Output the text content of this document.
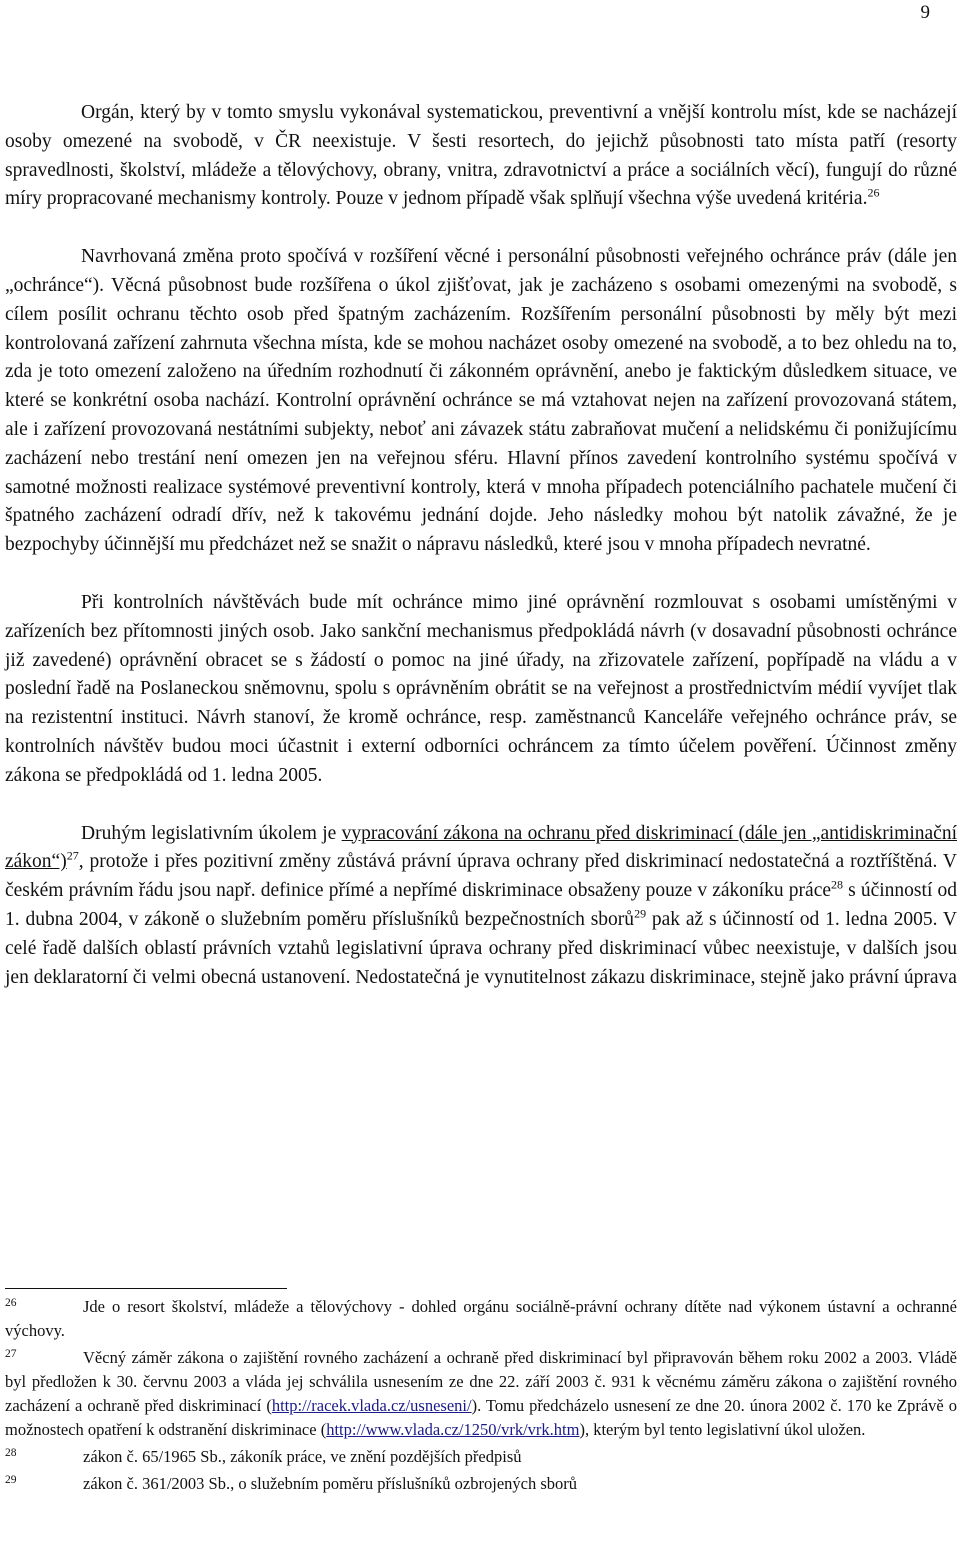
9

Orgán, který by v tomto smyslu vykonával systematickou, preventivní a vnější kontrolu míst, kde se nacházejí osoby omezené na svobodě, v ČR neexistuje. V šesti resortech, do jejichž působnosti tato místa patří (resorty spravedlnosti, školství, mládeže a tělovýchovy, obrany, vnitra, zdravotnictví a práce a sociálních věcí), fungují do různé míry propracované mechanismy kontroly. Pouze v jednom případě však splňují všechna výše uvedená kritéria.$^{26}$

Navrhovaná změna proto spočívá v rozšíření věcné i personální působnosti veřejného ochránce práv (dále jen „ochránce“). Věcná působnost bude rozšířena o úkol zjišťovat, jak je zacházeno s osobami omezenými na svobodě, s cílem posílit ochranu těchto osob před špatným zacházením. Rozšířením personální působnosti by měly být mezi kontrolovaná zařízení zahrnuta všechna místa, kde se mohou nacházet osoby omezené na svobodě, a to bez ohledu na to, zda je toto omezení založeno na úředním rozhodnutí či zákonném oprávnění, anebo je faktickým důsledkem situace, ve které se konkrétní osoba nachází. Kontrolní oprávnění ochránce se má vztahovat nejen na zařízení provozovaná státem, ale i zařízení provozovaná nestátními subjekty, neboť ani závazek státu zabraňovat mučení a nelidskému či ponižujícímu zacházení nebo trestání není omezen jen na veřejnou sféru. Hlavní přínos zavedení kontrolního systému spočívá v samotné možnosti realizace systémové preventivní kontroly, která v mnoha případech potenciálního pachatele mučení či špatného zacházení odradí dřív, než k takovému jednání dojde. Jeho následky mohou být natolik závažné, že je bezpochyby účinnější mu předcházet než se snažit o nápravu následků, které jsou v mnoha případech nevratné.

Při kontrolních návštěvách bude mít ochránce mimo jiné oprávnění rozmlouvat s osobami umístěnými v zařízeních bez přítomnosti jiných osob. Jako sankční mechanismus předpokládá návrh (v dosavadní působnosti ochránce již zavedené) oprávnění obracet se s žádostí o pomoc na jiné úřady, na zřizovatele zařízení, popřípadě na vládu a v poslední řadě na Poslaneckou sněmovnu, spolu s oprávněním obrátit se na veřejnost a prostřednictvím médií vyvíjet tlak na rezistentní instituci. Návrh stanoví, že kromě ochránce, resp. zaměstnanců Kanceláře veřejného ochránce práv, se kontrolních návštěv budou moci účastnit i externí odborníci ochráncem za tímto účelem pověření. Účinnost změny zákona se předpokládá od 1. ledna 2005.

Druhým legislativním úkolem je vypracování zákona na ochranu před diskriminací (dále jen „antidiskriminační zákon“)$^{27}$, protože i přes pozitivní změny zůstává právní úprava ochrany před diskriminací nedostatečná a roztříštěná. V českém právním řádu jsou např. definice přímé a nepřímé diskriminace obsaženy pouze v zákoníku práce$^{28}$ s účinností od 1. dubna 2004, v zákoně o služebním poměru příslušníků bezpečnostních sborů$^{29}$ pak až s účinností od 1. ledna 2005. V celé řadě dalších oblastí právních vztahů legislativní úprava ochrany před diskriminací vůbec neexistuje, v dalších jsou jen deklaratorní či velmi obecná ustanovení. Nedostatečná je vynutitelnost zákazu diskriminace, stejně jako právní úprava

26	Jde o resort školství, mládeže a tělovýchovy - dohled orgánu sociálně-právní ochrany dítěte nad výkonem ústavní a ochranné výchovy.

27	Věcný záměr zákona o zajištění rovného zacházení a ochraně před diskriminací byl připravován během roku 2002 a 2003. Vládě byl předložen k 30. červnu 2003 a vláda jej schválila usnesením ze dne 22. září 2003 č. 931 k věcnému záměru zákona o zajištění rovného zacházení a ochraně před diskriminací (http://racek.vlada.cz/usneseni/). Tomu předcházelo usnesení ze dne 20. února 2002 č. 170 ke Zprávě o možnostech opatření k odstranění diskriminace (http://www.vlada.cz/1250/vrk/vrk.htm), kterým byl tento legislativní úkol uložen.

28	zákon č. 65/1965 Sb., zákoník práce, ve znění pozdějších předpisů

29	zákon č. 361/2003 Sb., o služebním poměru příslušníků ozbrojených sborů
